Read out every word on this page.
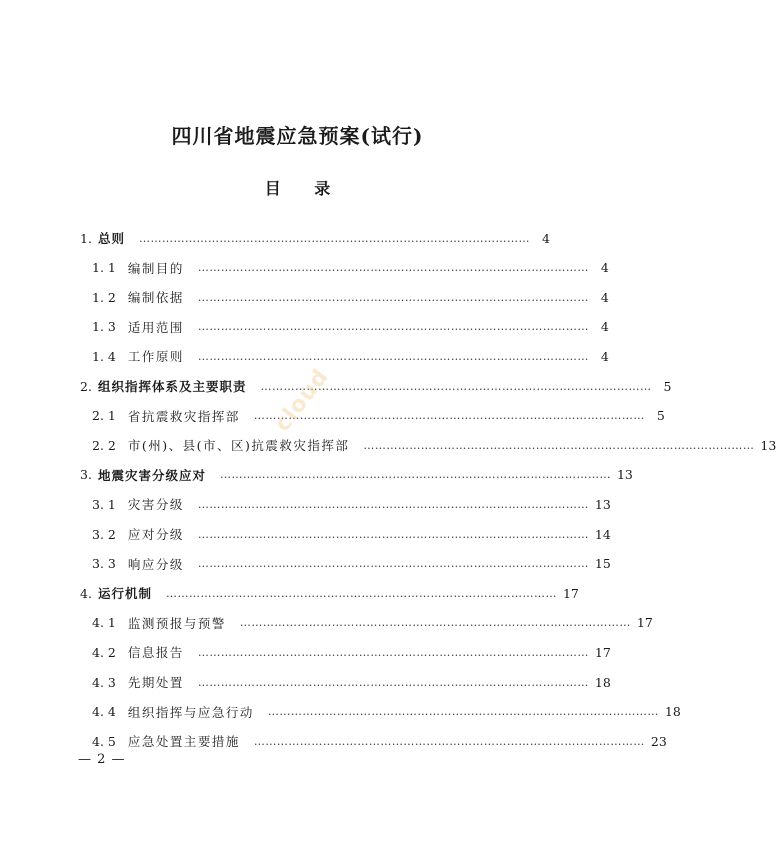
四川省地震应急预案(试行)
目 录
1. 总则 ………………………………………………………………………………………… 4
1. 1 编制目的 ………………………………………………………………………………………… 4
1. 2 编制依据 ………………………………………………………………………………………… 4
1. 3 适用范围 ………………………………………………………………………………………… 4
1. 4 工作原则 ………………………………………………………………………………………… 4
2. 组织指挥体系及主要职责 ………………………………………………………………………………………… 5
2. 1 省抗震救灾指挥部 ………………………………………………………………………………………… 5
2. 2 市(州)、县(市、区)抗震救灾指挥部 ………………………………………………………………………………………… 13
3. 地震灾害分级应对 ………………………………………………………………………………………… 13
3. 1 灾害分级 ………………………………………………………………………………………… 13
3. 2 应对分级 ………………………………………………………………………………………… 14
3. 3 响应分级 ………………………………………………………………………………………… 15
4. 运行机制 ………………………………………………………………………………………… 17
4. 1 监测预报与预警 ………………………………………………………………………………………… 17
4. 2 信息报告 ………………………………………………………………………………………… 17
4. 3 先期处置 ………………………………………………………………………………………… 18
4. 4 组织指挥与应急行动 ………………………………………………………………………………………… 18
4. 5 应急处置主要措施 ………………………………………………………………………………………… 23
— 2 —
cloud
